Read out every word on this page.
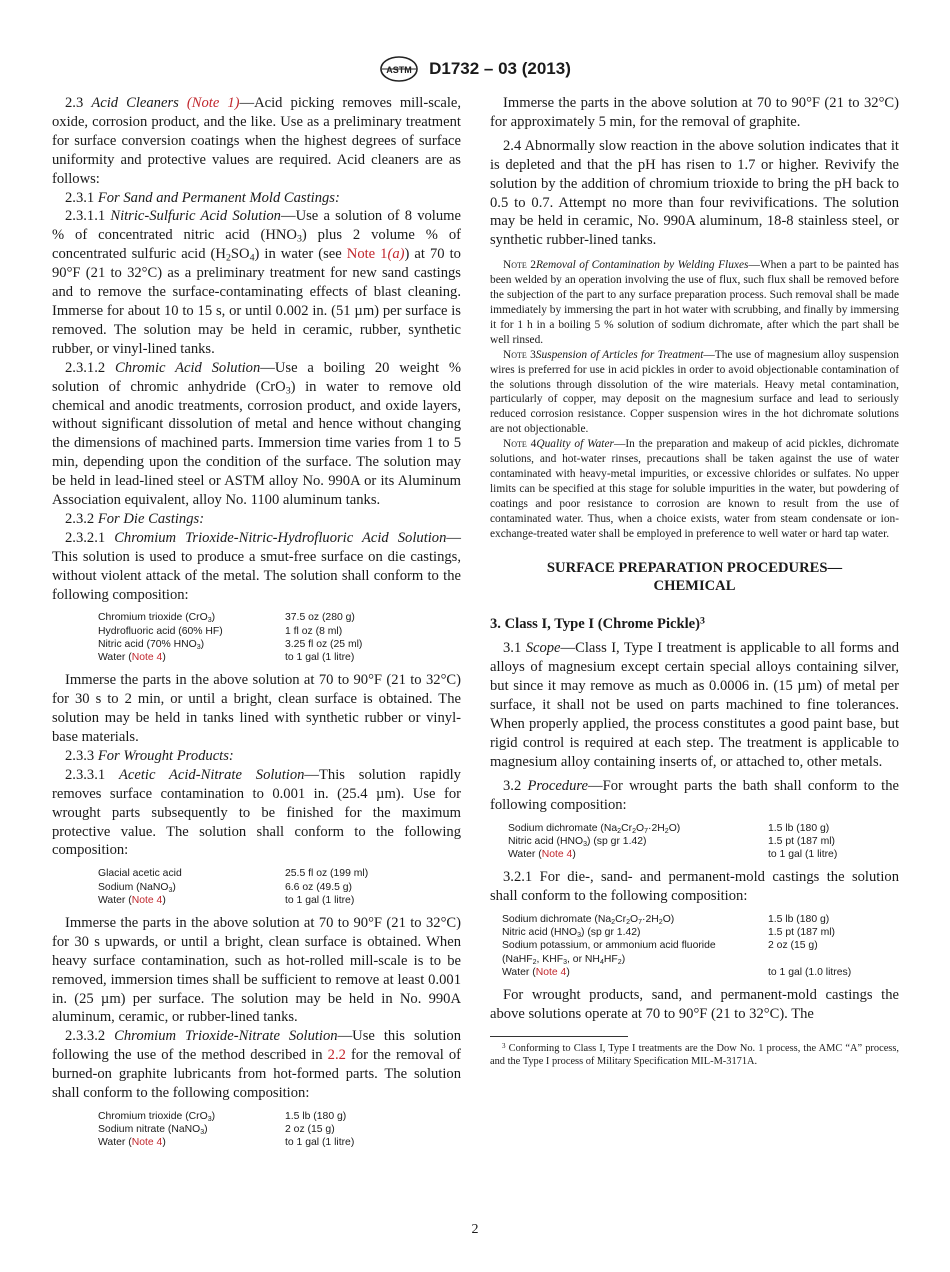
ASTM D1732 – 03 (2013)

2.3 Acid Cleaners (Note 1)—Acid picking removes mill-scale, oxide, corrosion product, and the like. Use as a preliminary treatment for surface conversion coatings when the highest degrees of surface uniformity and protective values are required. Acid cleaners are as follows:

2.3.1 For Sand and Permanent Mold Castings:

2.3.1.1 Nitric-Sulfuric Acid Solution—Use a solution of 8 volume % of concentrated nitric acid $(HNO_3)$ plus 2 volume % of concentrated sulfuric acid $(H_2SO_4)$ in water (see Note 1(a)) at 70 to 90°F (21 to 32°C) as a preliminary treatment for new sand castings and to remove the surface-contaminating effects of blast cleaning. Immerse for about 10 to 15 s, or until 0.002 in. (51 µm) per surface is removed. The solution may be held in ceramic, rubber, synthetic rubber, or vinyl-lined tanks.

2.3.1.2 Chromic Acid Solution—Use a boiling 20 weight % solution of chromic anhydride (CrO$_3$) in water to remove old chemical and anodic treatments, corrosion product, and oxide layers, without significant dissolution of metal and hence without changing the dimensions of machined parts. Immersion time varies from 1 to 5 min, depending upon the condition of the surface. The solution may be held in lead-lined steel or ASTM alloy No. 990A or its Aluminum Association equivalent, alloy No. 1100 aluminum tanks.

2.3.2 For Die Castings:

2.3.2.1 Chromium Trioxide-Nitric-Hydrofluoric Acid Solution—This solution is used to produce a smut-free surface on die castings, without violent attack of the metal. The solution shall conform to the following composition:

Chromium trioxide (CrO$_3$)	37.5 oz (280 g)
Hydrofluoric acid (60% HF)	1 fl oz (8 ml)
Nitric acid (70% $HNO_3$)	3.25 fl oz (25 ml)
Water (Note 4)	to 1 gal (1 litre)

Immerse the parts in the above solution at 70 to 90°F (21 to 32°C) for 30 s to 2 min, or until a bright, clean surface is obtained. The solution may be held in tanks lined with synthetic rubber or vinyl-base materials.

2.3.3 For Wrought Products:

2.3.3.1 Acetic Acid-Nitrate Solution—This solution rapidly removes surface contamination to 0.001 in. (25.4 µm). Use for wrought parts subsequently to be finished for the maximum protective value. The solution shall conform to the following composition:

Glacial acetic acid	25.5 fl oz (199 ml)
Sodium (NaNO$_3$)	6.6 oz (49.5 g)
Water (Note 4)	to 1 gal (1 litre)

Immerse the parts in the above solution at 70 to 90°F (21 to 32°C) for 30 s upwards, or until a bright, clean surface is obtained. When heavy surface contamination, such as hot-rolled mill-scale is to be removed, immersion times shall be sufficient to remove at least 0.001 in. (25 µm) per surface. The solution may be held in No. 990A aluminum, ceramic, or rubber-lined tanks.

2.3.3.2 Chromium Trioxide-Nitrate Solution—Use this solution following the use of the method described in 2.2 for the removal of burned-on graphite lubricants from hot-formed parts. The solution shall conform to the following composition:

Chromium trioxide (CrO$_3$)	1.5 lb (180 g)
Sodium nitrate (NaNO$_3$)	2 oz (15 g)
Water (Note 4)	to 1 gal (1 litre)

Immerse the parts in the above solution at 70 to 90°F (21 to 32°C) for approximately 5 min, for the removal of graphite.

2.4 Abnormally slow reaction in the above solution indicates that it is depleted and that the pH has risen to 1.7 or higher. Revivify the solution by the addition of chromium trioxide to bring the pH back to 0.5 to 0.7. Attempt no more than four revivifications. The solution may be held in ceramic, No. 990A aluminum, 18-8 stainless steel, or synthetic rubber-lined tanks.

Note 2Removal of Contamination by Welding Fluxes—When a part to be painted has been welded by an operation involving the use of flux, such flux shall be removed before the subjection of the part to any surface preparation process. Such removal shall be made immediately by immersing the part in hot water with scrubbing, and finally by immersing it for 1 h in a boiling 5 % solution of sodium dichromate, after which the part shall be well rinsed.

Note 3Suspension of Articles for Treatment—The use of magnesium alloy suspension wires is preferred for use in acid pickles in order to avoid objectionable contamination of the solutions through dissolution of the wire materials. Heavy metal contamination, particularly of copper, may deposit on the magnesium surface and lead to seriously reduced corrosion resistance. Copper suspension wires in the hot dichromate solutions are not objectionable.

Note 4Quality of Water—In the preparation and makeup of acid pickles, dichromate solutions, and hot-water rinses, precautions shall be taken against the use of water contaminated with heavy-metal impurities, or excessive chlorides or sulfates. No upper limits can be specified at this stage for soluble impurities in the water, but powdering of coatings and poor resistance to corrosion are known to result from the use of contaminated water. Thus, when a choice exists, water from steam condensate or ion-exchange-treated water shall be employed in preference to well water or hard tap water.

SURFACE PREPARATION PROCEDURES—
CHEMICAL
3. Class I, Type I (Chrome Pickle)$^3$

3.1 Scope—Class I, Type I treatment is applicable to all forms and alloys of magnesium except certain special alloys containing silver, but since it may remove as much as 0.0006 in. (15 µm) of metal per surface, it shall not be used on parts machined to fine tolerances. When properly applied, the process constitutes a good paint base, but rigid control is required at each step. The treatment is applicable to magnesium alloy containing inserts of, or attached to, other metals.

3.2 Procedure—For wrought parts the bath shall conform to the following composition:

Sodium dichromate $(Na_2Cr_2O_7\cdot 2H_2O)$	1.5 lb (180 g)
Nitric acid $(HNO_3)$ (sp gr 1.42)	1.5 pt (187 ml)
Water (Note 4)	to 1 gal (1 litre)

3.2.1 For die-, sand- and permanent-mold castings the solution shall conform to the following composition:

Sodium dichromate $(Na_2Cr_2O_7\cdot 2H_2O)$	1.5 lb (180 g)
Nitric acid $(HNO_3)$ (sp gr 1.42)	1.5 pt (187 ml)
Sodium potassium, or ammonium acid fluoride	2 oz (15 g)
(NaHF$_2$, $KHF_3$, or $NH_4HF_2$)
Water (Note 4)	to 1 gal (1.0 litres)

For wrought products, sand, and permanent-mold castings the above solutions operate at 70 to 90°F (21 to 32°C). The

$^3$ Conforming to Class I, Type I treatments are the Dow No. 1 process, the AMC “A” process, and the Type I process of Military Specification MIL-M-3171A.

2
